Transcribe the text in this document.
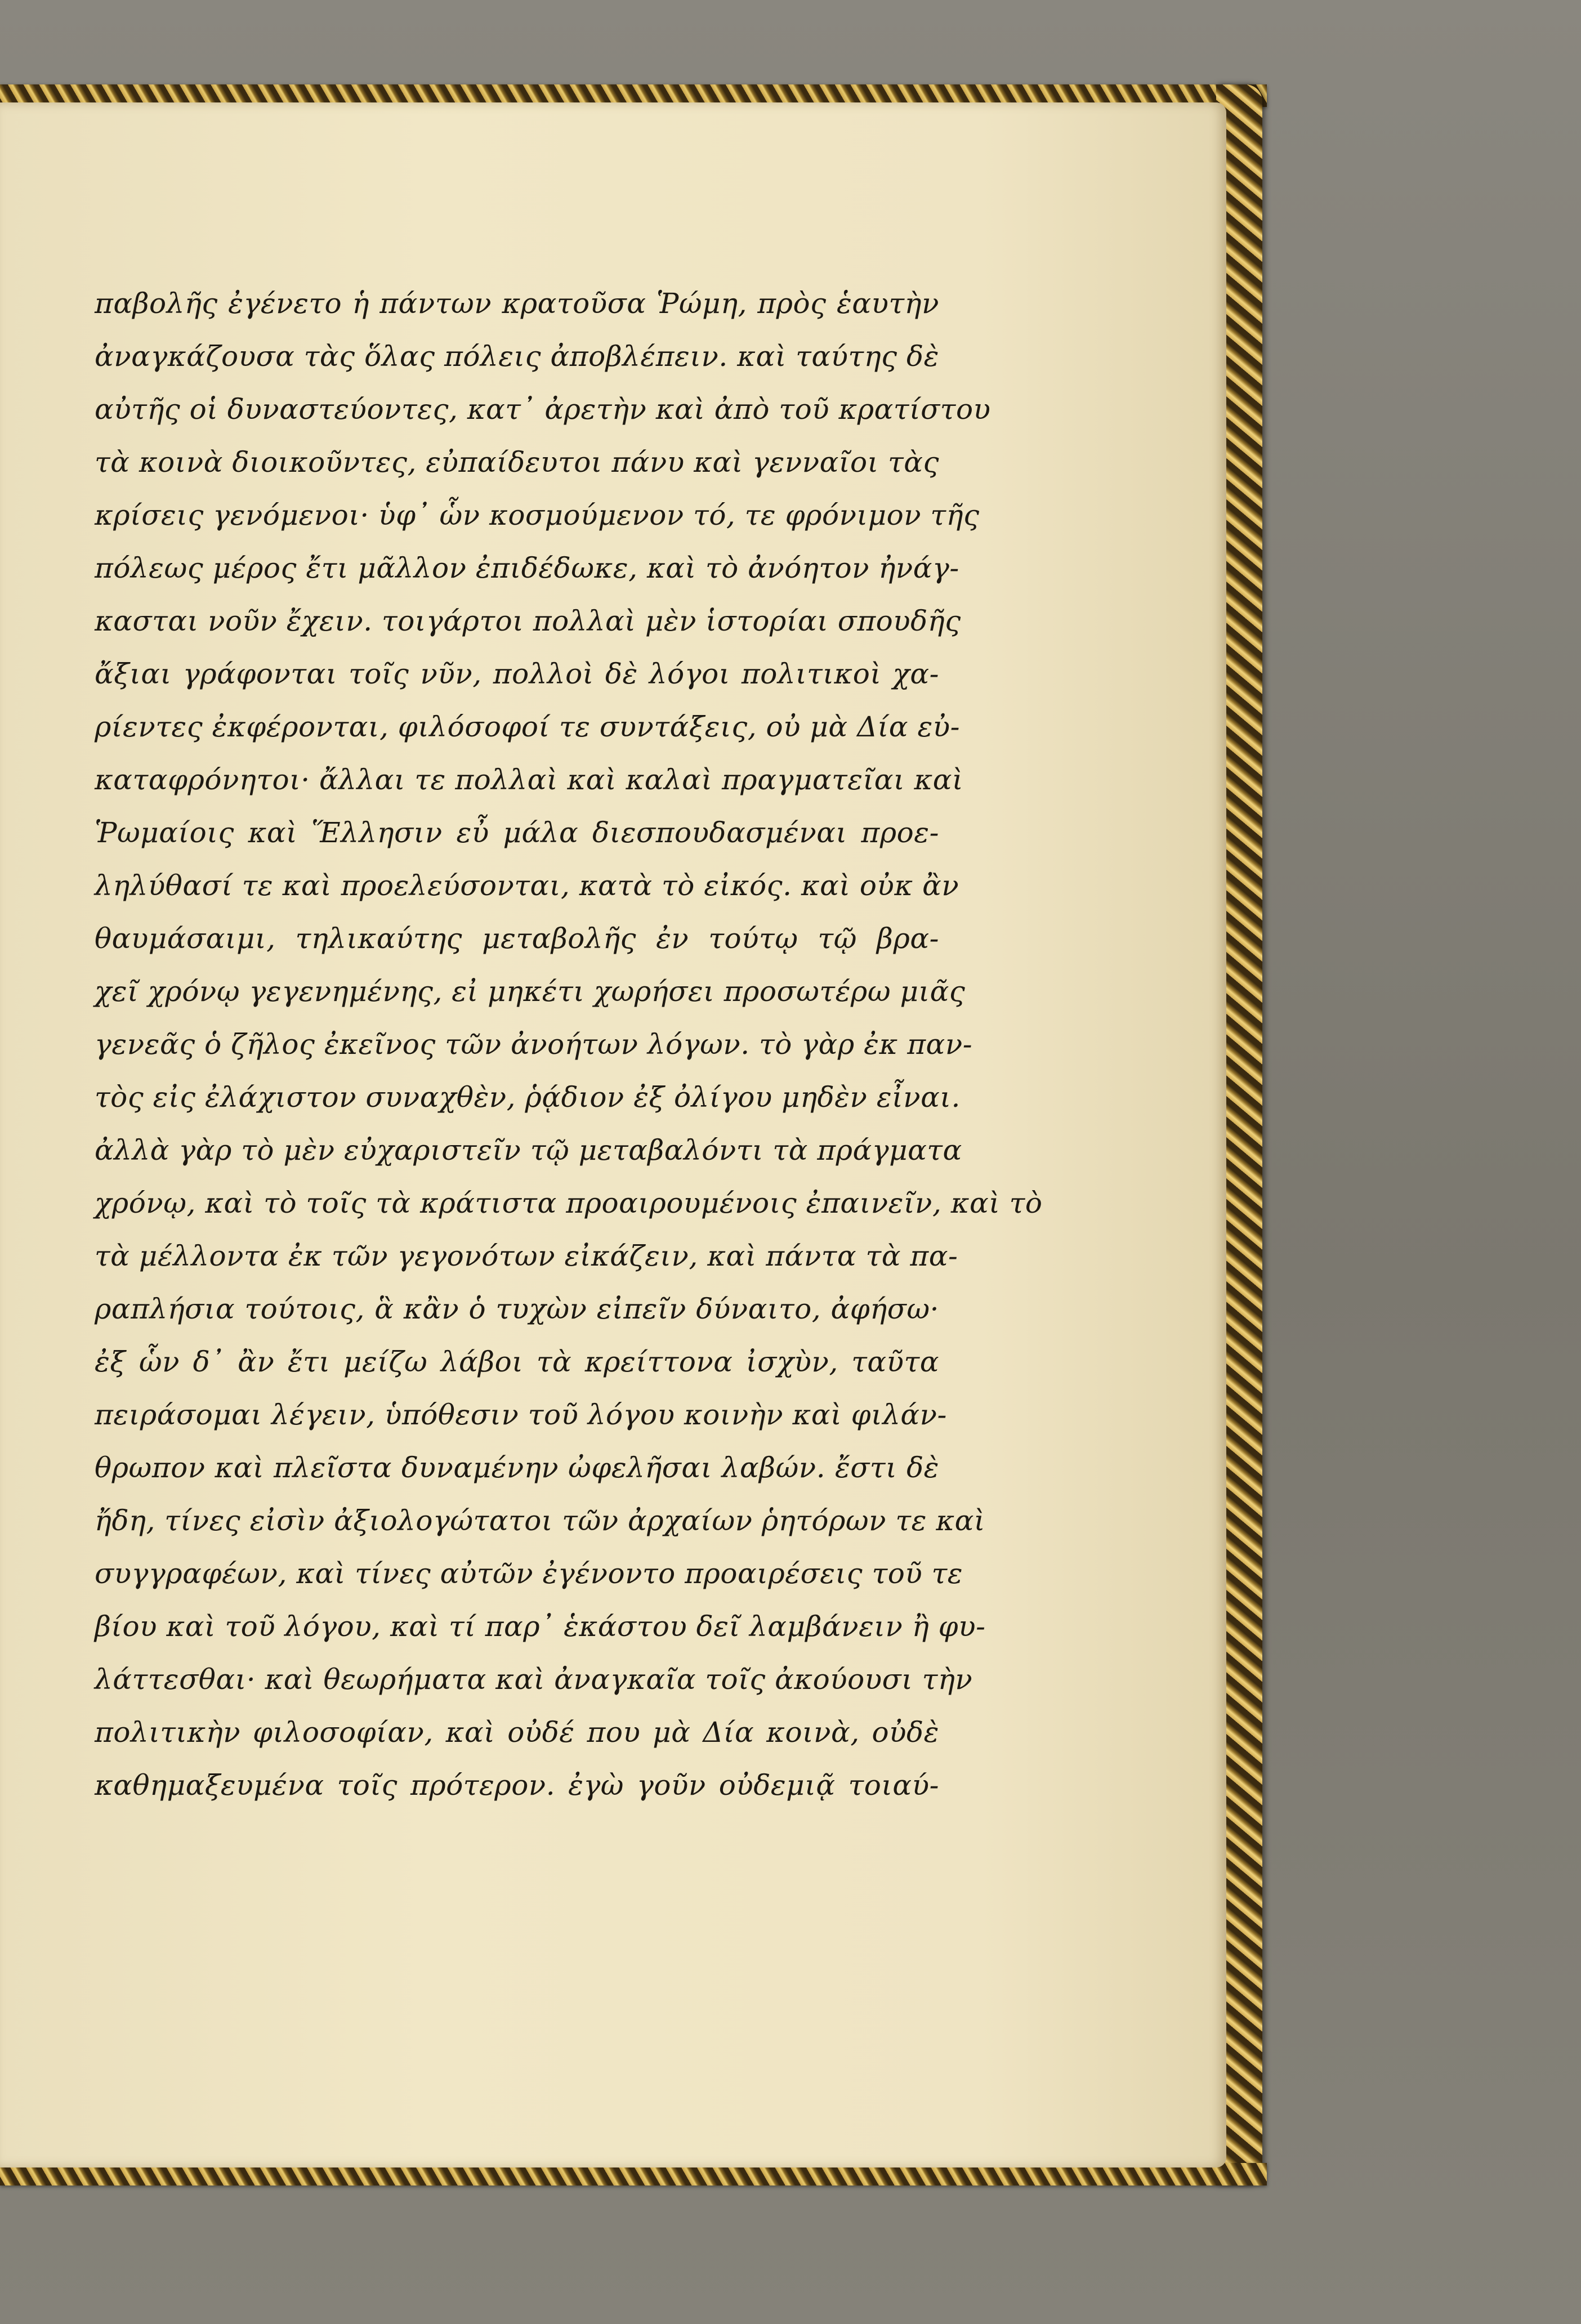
παβολῆς ἐγένετο ἡ πάντων κρατοῦσα Ῥώμη, πρὸς ἑαυτὴν
ἀναγκάζουσα τὰς ὅλας πόλεις ἀποβλέπειν. καὶ ταύτης δὲ
αὐτῆς οἱ δυναστεύοντες, κατ᾽ ἀρετὴν καὶ ἀπὸ τοῦ κρατίστου
τὰ κοινὰ διοικοῦντες, εὐπαίδευτοι πάνυ καὶ γενναῖοι τὰς
κρίσεις γενόμενοι· ὑφ᾽ ὧν κοσμούμενον τό, τε φρόνιμον τῆς
πόλεως μέρος ἔτι μᾶλλον ἐπιδέδωκε, καὶ τὸ ἀνόητον ἠνάγ-
κασται νοῦν ἔχειν. τοιγάρτοι πολλαὶ μὲν ἱστορίαι σπουδῆς
ἄξιαι γράφονται τοῖς νῦν, πολλοὶ δὲ λόγοι πολιτικοὶ χα-
ρίεντες ἐκφέρονται, φιλόσοφοί τε συντάξεις, οὐ μὰ Δία εὐ-
καταφρόνητοι· ἄλλαι τε πολλαὶ καὶ καλαὶ πραγματεῖαι καὶ
Ῥωμαίοις καὶ Ἕλλησιν εὖ μάλα διεσπουδασμέναι προε-
ληλύθασί τε καὶ προελεύσονται, κατὰ τὸ εἰκός. καὶ οὐκ ἂν
θαυμάσαιμι, τηλικαύτης μεταβολῆς ἐν τούτῳ τῷ βρα-
χεῖ χρόνῳ γεγενημένης, εἰ μηκέτι χωρήσει προσωτέρω μιᾶς
γενεᾶς ὁ ζῆλος ἐκεῖνος τῶν ἀνοήτων λόγων. τὸ γὰρ ἐκ παν-
τὸς εἰς ἐλάχιστον συναχθὲν, ῥᾴδιον ἐξ ὀλίγου μηδὲν εἶναι.
ἀλλὰ γὰρ τὸ μὲν εὐχαριστεῖν τῷ μεταβαλόντι τὰ πράγματα
χρόνῳ, καὶ τὸ τοῖς τὰ κράτιστα προαιρουμένοις ἐπαινεῖν, καὶ τὸ
τὰ μέλλοντα ἐκ τῶν γεγονότων εἰκάζειν, καὶ πάντα τὰ πα-
ραπλήσια τούτοις, ἃ κἂν ὁ τυχὼν εἰπεῖν δύναιτο, ἀφήσω·
ἐξ ὧν δ᾽ ἂν ἔτι μείζω λάβοι τὰ κρείττονα ἰσχὺν, ταῦτα
πειράσομαι λέγειν, ὑπόθεσιν τοῦ λόγου κοινὴν καὶ φιλάν-
θρωπον καὶ πλεῖστα δυναμένην ὠφελῆσαι λαβών. ἔστι δὲ
ἤδη, τίνες εἰσὶν ἀξιολογώτατοι τῶν ἀρχαίων ῥητόρων τε καὶ
συγγραφέων, καὶ τίνες αὐτῶν ἐγένοντο προαιρέσεις τοῦ τε
βίου καὶ τοῦ λόγου, καὶ τί παρ᾽ ἑκάστου δεῖ λαμβάνειν ἢ φυ-
λάττεσθαι· καὶ θεωρήματα καὶ ἀναγκαῖα τοῖς ἀκούουσι τὴν
πολιτικὴν φιλοσοφίαν, καὶ οὐδέ που μὰ Δία κοινὰ, οὐδὲ
καθημαξευμένα τοῖς πρότερον. ἐγὼ γοῦν οὐδεμιᾷ τοιαύ-
